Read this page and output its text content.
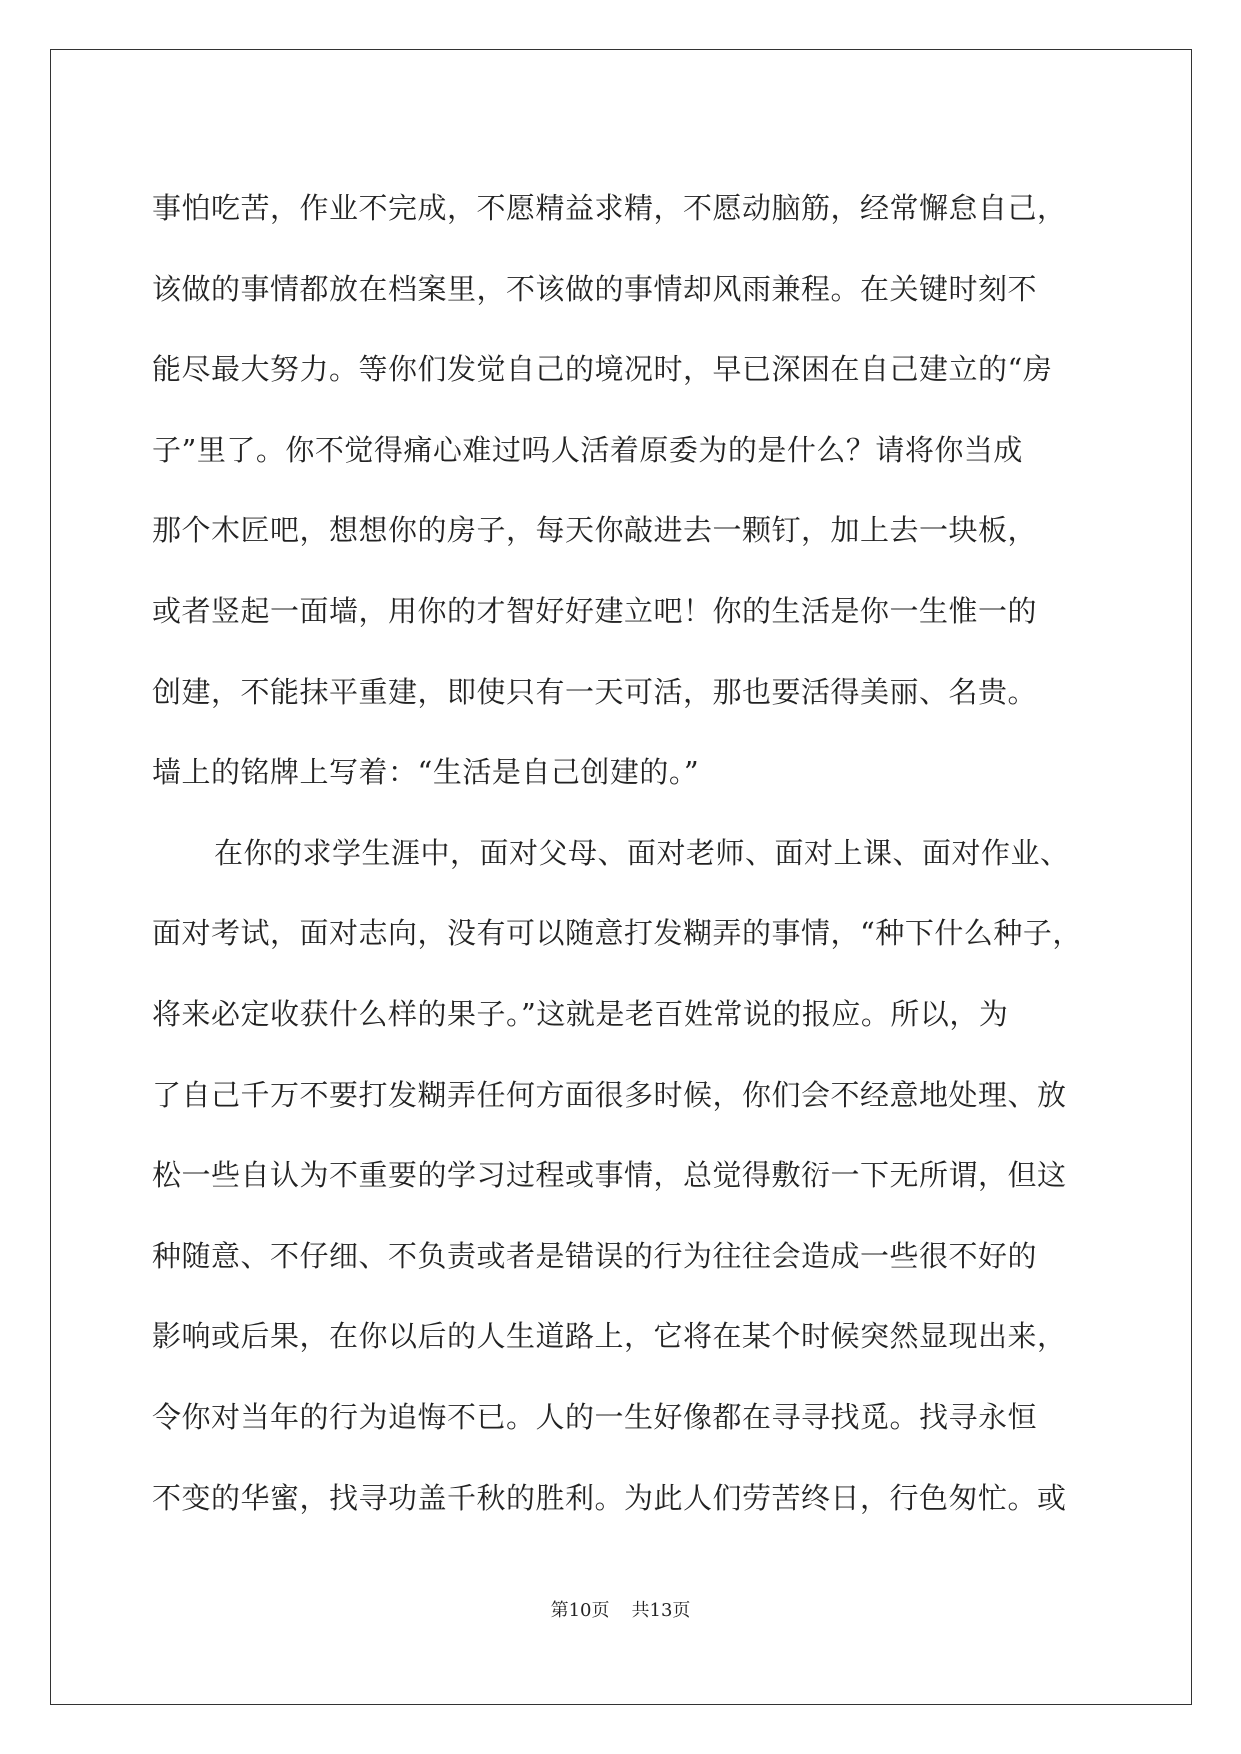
事怕吃苦，作业不完成，不愿精益求精，不愿动脑筋，经常懈怠自己，
该做的事情都放在档案里，不该做的事情却风雨兼程。在关键时刻不
能尽最大努力。等你们发觉自己的境况时，早已深困在自己建立的“房
子”里了。你不觉得痛心难过吗人活着原委为的是什么？请将你当成
那个木匠吧，想想你的房子，每天你敲进去一颗钉，加上去一块板，
或者竖起一面墙，用你的才智好好建立吧！你的生活是你一生惟一的
创建，不能抹平重建，即使只有一天可活，那也要活得美丽、名贵。
墙上的铭牌上写着：“生活是自己创建的。”
在你的求学生涯中，面对父母、面对老师、面对上课、面对作业、
面对考试，面对志向，没有可以随意打发糊弄的事情，“种下什么种子，
将来必定收获什么样的果子。”这就是老百姓常说的报应。所以，为
了自己千万不要打发糊弄任何方面很多时候，你们会不经意地处理、放
松一些自认为不重要的学习过程或事情，总觉得敷衍一下无所谓，但这
种随意、不仔细、不负责或者是错误的行为往往会造成一些很不好的
影响或后果，在你以后的人生道路上，它将在某个时候突然显现出来，
令你对当年的行为追悔不已。人的一生好像都在寻寻找觅。找寻永恒
不变的华蜜，找寻功盖千秋的胜利。为此人们劳苦终日，行色匆忙。或
第10页 共13页
